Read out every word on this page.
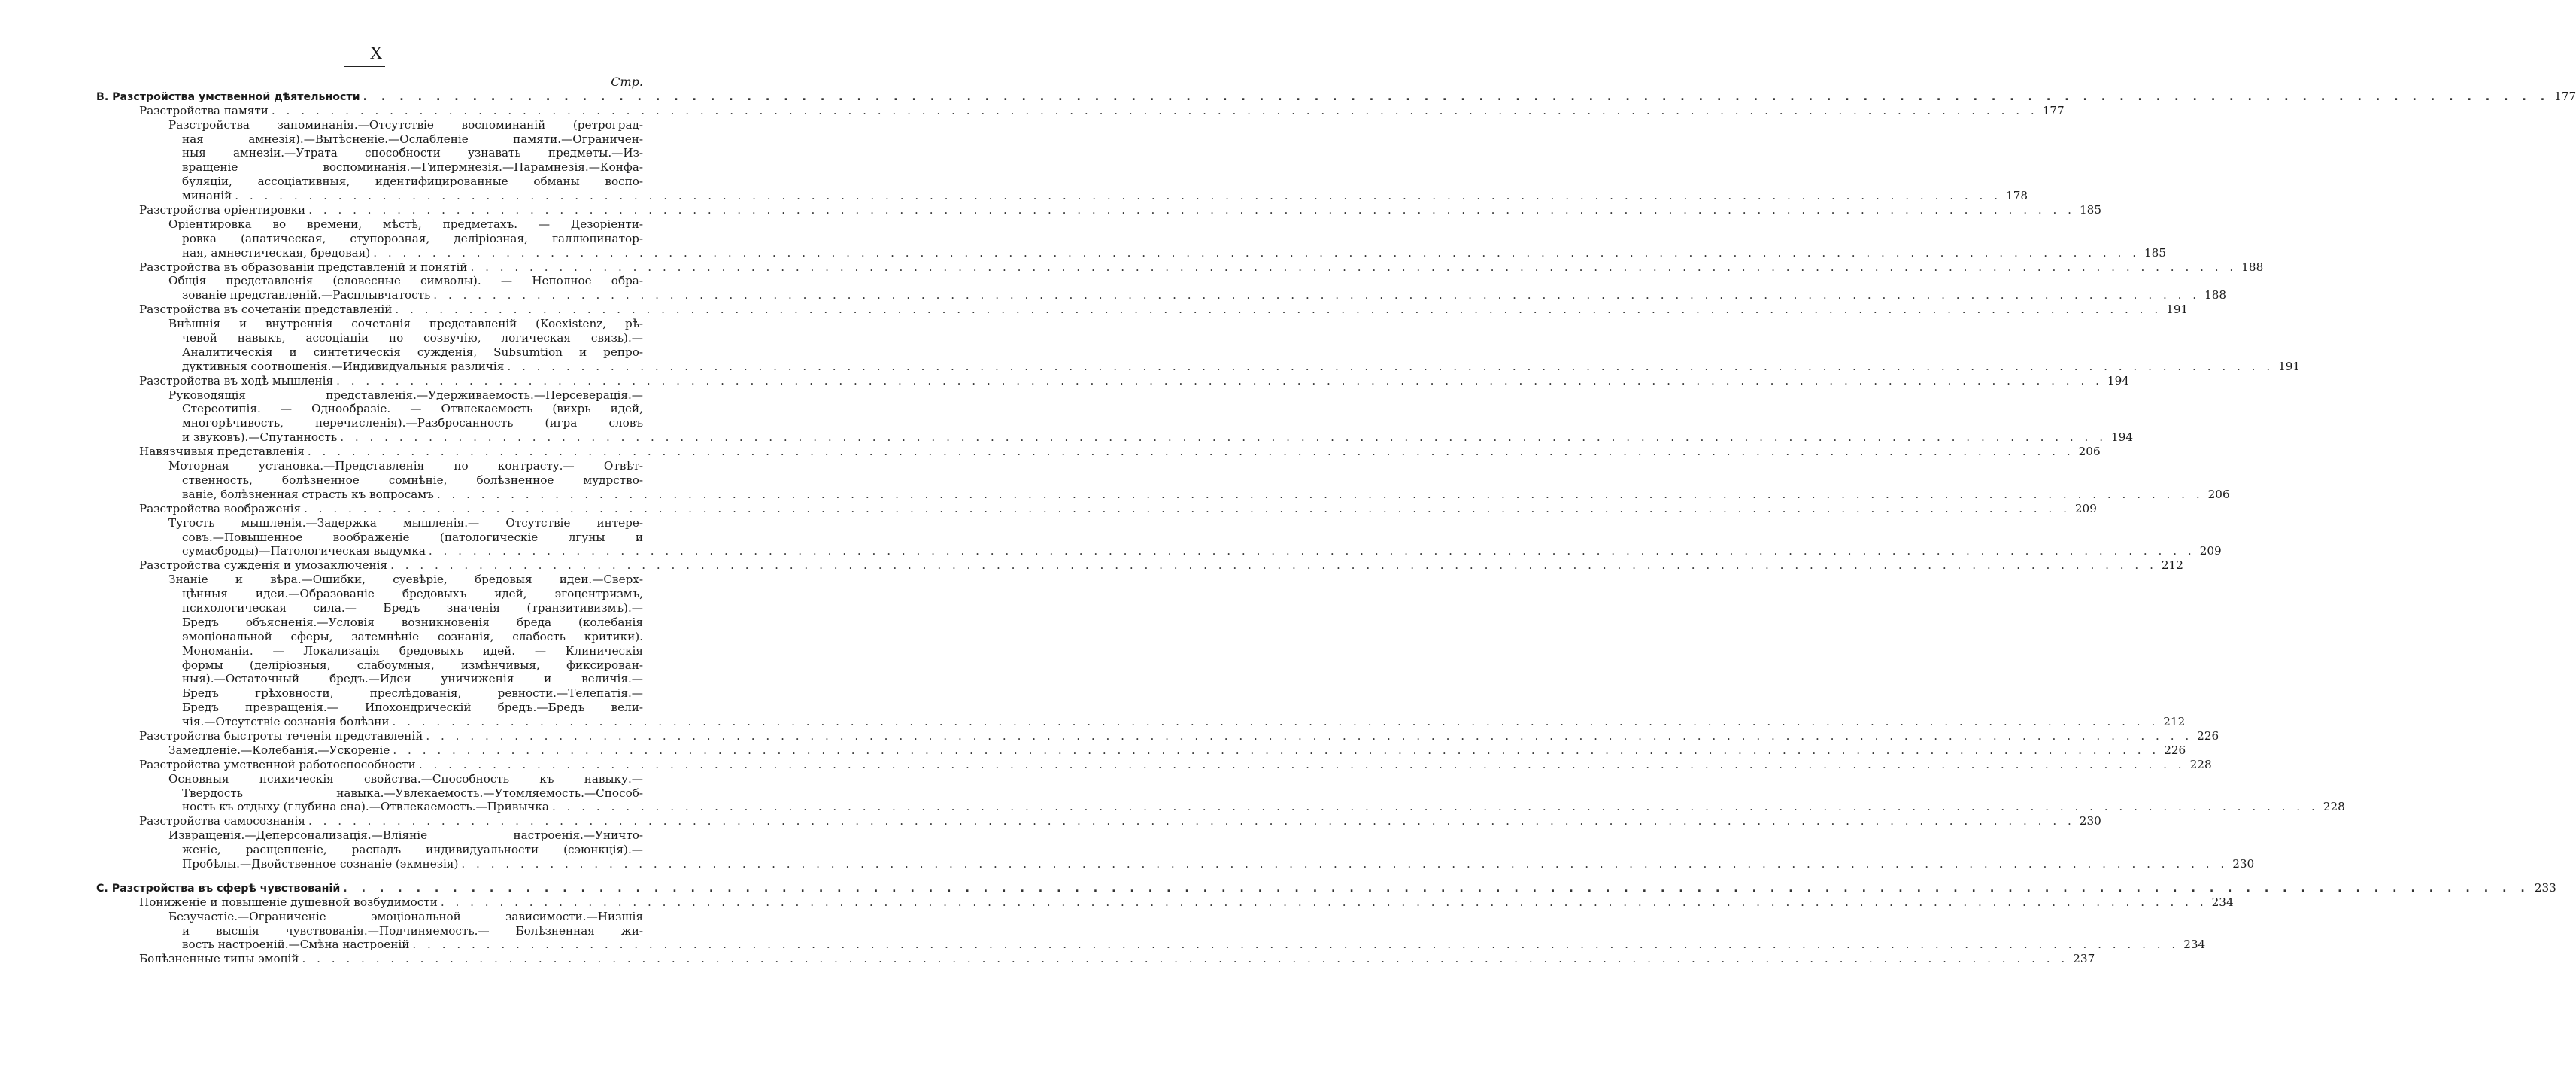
X
Стр.
B. Разстройства умственной дѣятельности . . . . . . . . . . . . . . . . . . . . . . . . . . . . . . . . . . . . . . . . . . . . . . . . . . . . . . . . . . . . . . . . . . . . . . . . . . . . . . . . . . . . . . . . . . . . . . . . . . . . . . . . . . . . . . . . . . . . . . . . 177
Разстройства памяти . . . . . . . . . . . . . . . . . . . . . . . . . . . . . . . . . . . . . . . . . . . . . . . . . . . . . . . . . . . . . . . . . . . . . . . . . . . . . . . . . . . . . . . . . . . . . . . . . . . . . . . . . . . . . . . . . . . . . . . . 177
Разстройства запоминанія.—Отсутствіе воспоминаній (ретроград-
ная амнезія).—Вытѣсненіе.—Ослабленіе памяти.—Ограничен-
ныя амнезіи.—Утрата способности узнавать предметы.—Из-
вращеніе воспоминанія.—Гипермнезія.—Парамнезія.—Конфа-
буляціи, ассоціативныя, идентифицированные обманы воспо-
минаній . . . . . . . . . . . . . . . . . . . . . . . . . . . . . . . . . . . . . . . . . . . . . . . . . . . . . . . . . . . . . . . . . . . . . . . . . . . . . . . . . . . . . . . . . . . . . . . . . . . . . . . . . . . . . . . . . . . . . . . . 178
Разстройства оріентировки . . . . . . . . . . . . . . . . . . . . . . . . . . . . . . . . . . . . . . . . . . . . . . . . . . . . . . . . . . . . . . . . . . . . . . . . . . . . . . . . . . . . . . . . . . . . . . . . . . . . . . . . . . . . . . . . . . . . . . . . 185
Оріентировка во времени, мѣстѣ, предметахъ. — Дезоріенти-
ровка (апатическая, ступорозная, деліріозная, галлюцинатор-
ная, амнестическая, бредовая) . . . . . . . . . . . . . . . . . . . . . . . . . . . . . . . . . . . . . . . . . . . . . . . . . . . . . . . . . . . . . . . . . . . . . . . . . . . . . . . . . . . . . . . . . . . . . . . . . . . . . . . . . . . . . . . . . . . . . . . . 185
Разстройства въ образованіи представленій и понятій . . . . . . . . . . . . . . . . . . . . . . . . . . . . . . . . . . . . . . . . . . . . . . . . . . . . . . . . . . . . . . . . . . . . . . . . . . . . . . . . . . . . . . . . . . . . . . . . . . . . . . . . . . . . . . . . . . . . . . . . 188
Общія представленія (словесные символы). — Неполное обра-
зованіе представленій.—Расплывчатость . . . . . . . . . . . . . . . . . . . . . . . . . . . . . . . . . . . . . . . . . . . . . . . . . . . . . . . . . . . . . . . . . . . . . . . . . . . . . . . . . . . . . . . . . . . . . . . . . . . . . . . . . . . . . . . . . . . . . . . . 188
Разстройства въ сочетаніи представленій . . . . . . . . . . . . . . . . . . . . . . . . . . . . . . . . . . . . . . . . . . . . . . . . . . . . . . . . . . . . . . . . . . . . . . . . . . . . . . . . . . . . . . . . . . . . . . . . . . . . . . . . . . . . . . . . . . . . . . . . 191
Внѣшнія и внутреннія сочетанія представленій (Koexistenz, рѣ-
чевой навыкъ, ассоціаціи по созвучію, логическая связь).—
Аналитическія и синтетическія сужденія, Subsumtion и репро-
дуктивныя соотношенія.—Индивидуальныя различія . . . . . . . . . . . . . . . . . . . . . . . . . . . . . . . . . . . . . . . . . . . . . . . . . . . . . . . . . . . . . . . . . . . . . . . . . . . . . . . . . . . . . . . . . . . . . . . . . . . . . . . . . . . . . . . . . . . . . . . . 191
Разстройства въ ходѣ мышленія . . . . . . . . . . . . . . . . . . . . . . . . . . . . . . . . . . . . . . . . . . . . . . . . . . . . . . . . . . . . . . . . . . . . . . . . . . . . . . . . . . . . . . . . . . . . . . . . . . . . . . . . . . . . . . . . . . . . . . . . 194
Руководящія представленія.—Удерживаемость.—Персеверація.—
Стереотипія. — Однообразіе. — Отвлекаемость (вихрь идей,
многорѣчивость, перечисленія).—Разбросанность (игра словъ
и звуковъ).—Спутанность . . . . . . . . . . . . . . . . . . . . . . . . . . . . . . . . . . . . . . . . . . . . . . . . . . . . . . . . . . . . . . . . . . . . . . . . . . . . . . . . . . . . . . . . . . . . . . . . . . . . . . . . . . . . . . . . . . . . . . . . 194
Навязчивыя представленія . . . . . . . . . . . . . . . . . . . . . . . . . . . . . . . . . . . . . . . . . . . . . . . . . . . . . . . . . . . . . . . . . . . . . . . . . . . . . . . . . . . . . . . . . . . . . . . . . . . . . . . . . . . . . . . . . . . . . . . . 206
Моторная установка.—Представленія по контрасту.— Отвѣт-
ственность, болѣзненное сомнѣніе, болѣзненное мудрство-
ваніе, болѣзненная страсть къ вопросамъ . . . . . . . . . . . . . . . . . . . . . . . . . . . . . . . . . . . . . . . . . . . . . . . . . . . . . . . . . . . . . . . . . . . . . . . . . . . . . . . . . . . . . . . . . . . . . . . . . . . . . . . . . . . . . . . . . . . . . . . . 206
Разстройства воображенія . . . . . . . . . . . . . . . . . . . . . . . . . . . . . . . . . . . . . . . . . . . . . . . . . . . . . . . . . . . . . . . . . . . . . . . . . . . . . . . . . . . . . . . . . . . . . . . . . . . . . . . . . . . . . . . . . . . . . . . . 209
Тугость мышленія.—Задержка мышленія.— Отсутствіе интере-
совъ.—Повышенное воображеніе (патологическіе лгуны и
сумасброды)—Патологическая выдумка . . . . . . . . . . . . . . . . . . . . . . . . . . . . . . . . . . . . . . . . . . . . . . . . . . . . . . . . . . . . . . . . . . . . . . . . . . . . . . . . . . . . . . . . . . . . . . . . . . . . . . . . . . . . . . . . . . . . . . . . 209
Разстройства сужденія и умозаключенія . . . . . . . . . . . . . . . . . . . . . . . . . . . . . . . . . . . . . . . . . . . . . . . . . . . . . . . . . . . . . . . . . . . . . . . . . . . . . . . . . . . . . . . . . . . . . . . . . . . . . . . . . . . . . . . . . . . . . . . . 212
Знаніе и вѣра.—Ошибки, суевѣріе, бредовыя идеи.—Сверх-
цѣнныя идеи.—Образованіе бредовыхъ идей, эгоцентризмъ,
психологическая сила.— Бредъ значенія (транзитивизмъ).—
Бредъ объясненія.—Условія возникновенія бреда (колебанія
эмоціональной сферы, затемнѣніе сознанія, слабость критики).
Мономаніи. — Локализація бредовыхъ идей. — Клиническія
формы (деліріозныя, слабоумныя, измѣнчивыя, фиксирован-
ныя).—Остаточный бредъ.—Идеи уничиженія и величія.—
Бредъ грѣховности, преслѣдованія, ревности.—Телепатія.—
Бредъ превращенія.— Ипохондрическій бредъ.—Бредъ вели-
чія.—Отсутствіе сознанія болѣзни . . . . . . . . . . . . . . . . . . . . . . . . . . . . . . . . . . . . . . . . . . . . . . . . . . . . . . . . . . . . . . . . . . . . . . . . . . . . . . . . . . . . . . . . . . . . . . . . . . . . . . . . . . . . . . . . . . . . . . . . 212
Разстройства быстроты теченія представленій . . . . . . . . . . . . . . . . . . . . . . . . . . . . . . . . . . . . . . . . . . . . . . . . . . . . . . . . . . . . . . . . . . . . . . . . . . . . . . . . . . . . . . . . . . . . . . . . . . . . . . . . . . . . . . . . . . . . . . . . 226
Замедленіе.—Колебанія.—Ускореніе . . . . . . . . . . . . . . . . . . . . . . . . . . . . . . . . . . . . . . . . . . . . . . . . . . . . . . . . . . . . . . . . . . . . . . . . . . . . . . . . . . . . . . . . . . . . . . . . . . . . . . . . . . . . . . . . . . . . . . . . 226
Разстройства умственной работоспособности . . . . . . . . . . . . . . . . . . . . . . . . . . . . . . . . . . . . . . . . . . . . . . . . . . . . . . . . . . . . . . . . . . . . . . . . . . . . . . . . . . . . . . . . . . . . . . . . . . . . . . . . . . . . . . . . . . . . . . . . 228
Основныя психическія свойства.—Способность къ навыку.—
Твердость навыка.—Увлекаемость.—Утомляемость.—Способ-
ность къ отдыху (глубина сна).—Отвлекаемость.—Привычка . . . . . . . . . . . . . . . . . . . . . . . . . . . . . . . . . . . . . . . . . . . . . . . . . . . . . . . . . . . . . . . . . . . . . . . . . . . . . . . . . . . . . . . . . . . . . . . . . . . . . . . . . . . . . . . . . . . . . . . . 228
Разстройства самосознанія . . . . . . . . . . . . . . . . . . . . . . . . . . . . . . . . . . . . . . . . . . . . . . . . . . . . . . . . . . . . . . . . . . . . . . . . . . . . . . . . . . . . . . . . . . . . . . . . . . . . . . . . . . . . . . . . . . . . . . . . 230
Извращенія.—Деперсонализація.—Вліяніе настроенія.—Уничто-
женіе, расщепленіе, распадъ индивидуальности (сэюнкція).—
Пробѣлы.—Двойственное сознаніе (экмнезія) . . . . . . . . . . . . . . . . . . . . . . . . . . . . . . . . . . . . . . . . . . . . . . . . . . . . . . . . . . . . . . . . . . . . . . . . . . . . . . . . . . . . . . . . . . . . . . . . . . . . . . . . . . . . . . . . . . . . . . . . 230
C. Разстройства въ сферѣ чувствованій . . . . . . . . . . . . . . . . . . . . . . . . . . . . . . . . . . . . . . . . . . . . . . . . . . . . . . . . . . . . . . . . . . . . . . . . . . . . . . . . . . . . . . . . . . . . . . . . . . . . . . . . . . . . . . . . . . . . . . . . 233
Пониженіе и повышеніе душевной возбудимости . . . . . . . . . . . . . . . . . . . . . . . . . . . . . . . . . . . . . . . . . . . . . . . . . . . . . . . . . . . . . . . . . . . . . . . . . . . . . . . . . . . . . . . . . . . . . . . . . . . . . . . . . . . . . . . . . . . . . . . . 234
Безучастіе.—Ограниченіе эмоціональной зависимости.—Низшія
и высшія чувствованія.—Подчиняемость.— Болѣзненная жи-
вость настроеній.—Смѣна настроеній . . . . . . . . . . . . . . . . . . . . . . . . . . . . . . . . . . . . . . . . . . . . . . . . . . . . . . . . . . . . . . . . . . . . . . . . . . . . . . . . . . . . . . . . . . . . . . . . . . . . . . . . . . . . . . . . . . . . . . . . 234
Болѣзненные типы эмоцій . . . . . . . . . . . . . . . . . . . . . . . . . . . . . . . . . . . . . . . . . . . . . . . . . . . . . . . . . . . . . . . . . . . . . . . . . . . . . . . . . . . . . . . . . . . . . . . . . . . . . . . . . . . . . . . . . . . . . . . . 237
